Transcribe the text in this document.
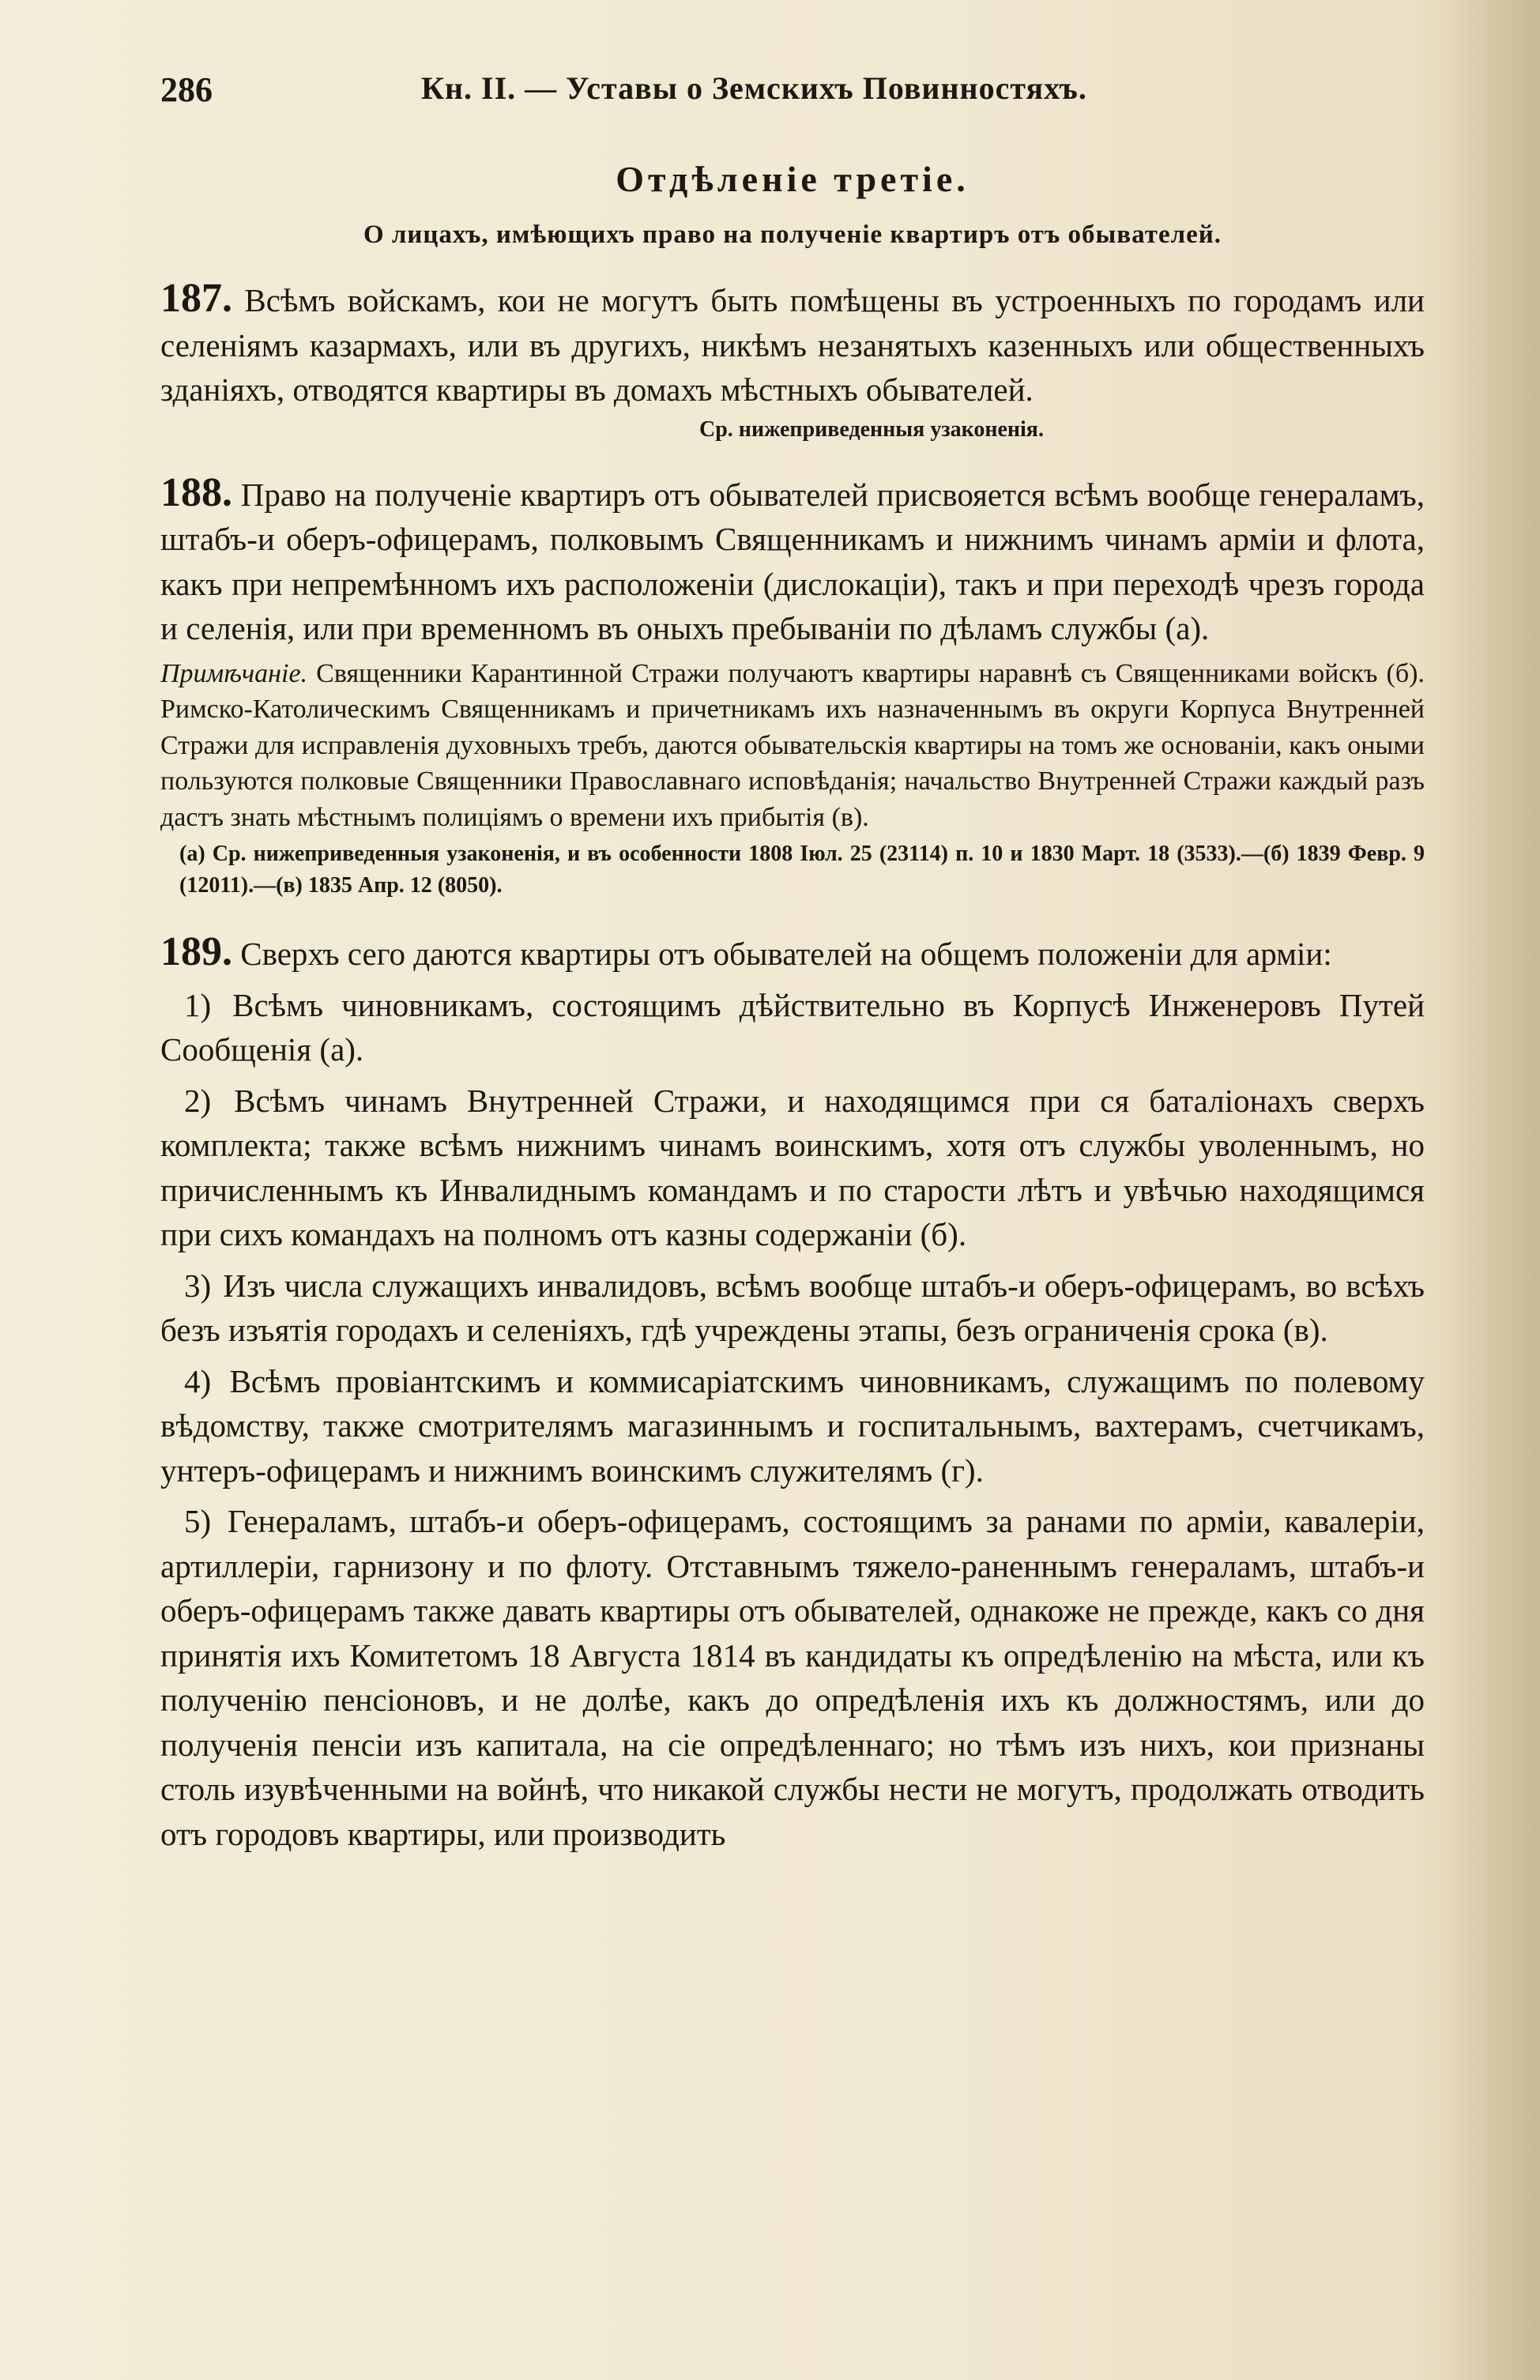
286	Кн. II. — Уставы о Земскихъ Повинностяхъ.
Отдѣленіе третіе.
О лицахъ, имѣющихъ право на полученіе квартиръ отъ обывателей.

187. Всѣмъ войскамъ, кои не могутъ быть помѣщены въ устроенныхъ по городамъ или селеніямъ казармахъ, или въ другихъ, никѣмъ незанятыхъ казенныхъ или общественныхъ зданіяхъ, отводятся квартиры въ домахъ мѣстныхъ обывателей.

Ср. нижеприведенныя узаконенія.

188. Право на полученіе квартиръ отъ обывателей присвояется всѣмъ вообще генераламъ, штабъ-и оберъ-офицерамъ, полковымъ Священникамъ и нижнимъ чинамъ арміи и флота, какъ при непремѣнномъ ихъ расположеніи (дислокаціи), такъ и при переходѣ чрезъ города и селенія, или при временномъ въ оныхъ пребываніи по дѣламъ службы (а).

Примѣчаніе. Священники Карантинной Стражи получаютъ квартиры наравнѣ съ Священниками войскъ (б). Римско-Католическимъ Священникамъ и причетникамъ ихъ назначеннымъ въ округи Корпуса Внутренней Стражи для исправленія духовныхъ требъ, даются обывательскія квартиры на томъ же основаніи, какъ оными пользуются полковые Священники Православнаго исповѣданія; начальство Внутренней Стражи каждый разъ дастъ знать мѣстнымъ полиціямъ о времени ихъ прибытія (в).

(а) Ср. нижеприведенныя узаконенія, и въ особенности 1808 Іюл. 25 (23114) п. 10 и 1830 Март. 18 (3533).—(б) 1839 Февр. 9 (12011).—(в) 1835 Апр. 12 (8050).

189. Сверхъ сего даются квартиры отъ обывателей на общемъ положеніи для арміи:

1) Всѣмъ чиновникамъ, состоящимъ дѣйствительно въ Корпусѣ Инженеровъ Путей Сообщенія (а).

2) Всѣмъ чинамъ Внутренней Стражи, и находящимся при ся баталіонахъ сверхъ комплекта; также всѣмъ нижнимъ чинамъ воинскимъ, хотя отъ службы уволеннымъ, но причисленнымъ къ Инвалиднымъ командамъ и по старости лѣтъ и увѣчью находящимся при сихъ командахъ на полномъ отъ казны содержаніи (б).

3) Изъ числа служащихъ инвалидовъ, всѣмъ вообще штабъ-и оберъ-офицерамъ, во всѣхъ безъ изъятія городахъ и селеніяхъ, гдѣ учреждены этапы, безъ ограниченія срока (в).

4) Всѣмъ провіантскимъ и коммисаріатскимъ чиновникамъ, служащимъ по полевому вѣдомству, также смотрителямъ магазиннымъ и госпитальнымъ, вахтерамъ, счетчикамъ, унтеръ-офицерамъ и нижнимъ воинскимъ служителямъ (г).

5) Генераламъ, штабъ-и оберъ-офицерамъ, состоящимъ за ранами по арміи, кавалеріи, артиллеріи, гарнизону и по флоту. Отставнымъ тяжело-раненнымъ генераламъ, штабъ-и оберъ-офицерамъ также давать квартиры отъ обывателей, однакоже не прежде, какъ со дня принятія ихъ Комитетомъ 18 Августа 1814 въ кандидаты къ опредѣленію на мѣста, или къ полученію пенсіоновъ, и не долѣе, какъ до опредѣленія ихъ къ должностямъ, или до полученія пенсіи изъ капитала, на сіе опредѣленнаго; но тѣмъ изъ нихъ, кои признаны столь изувѣченными на войнѣ, что никакой службы нести не могутъ, продолжать отводить отъ городовъ квартиры, или производить
